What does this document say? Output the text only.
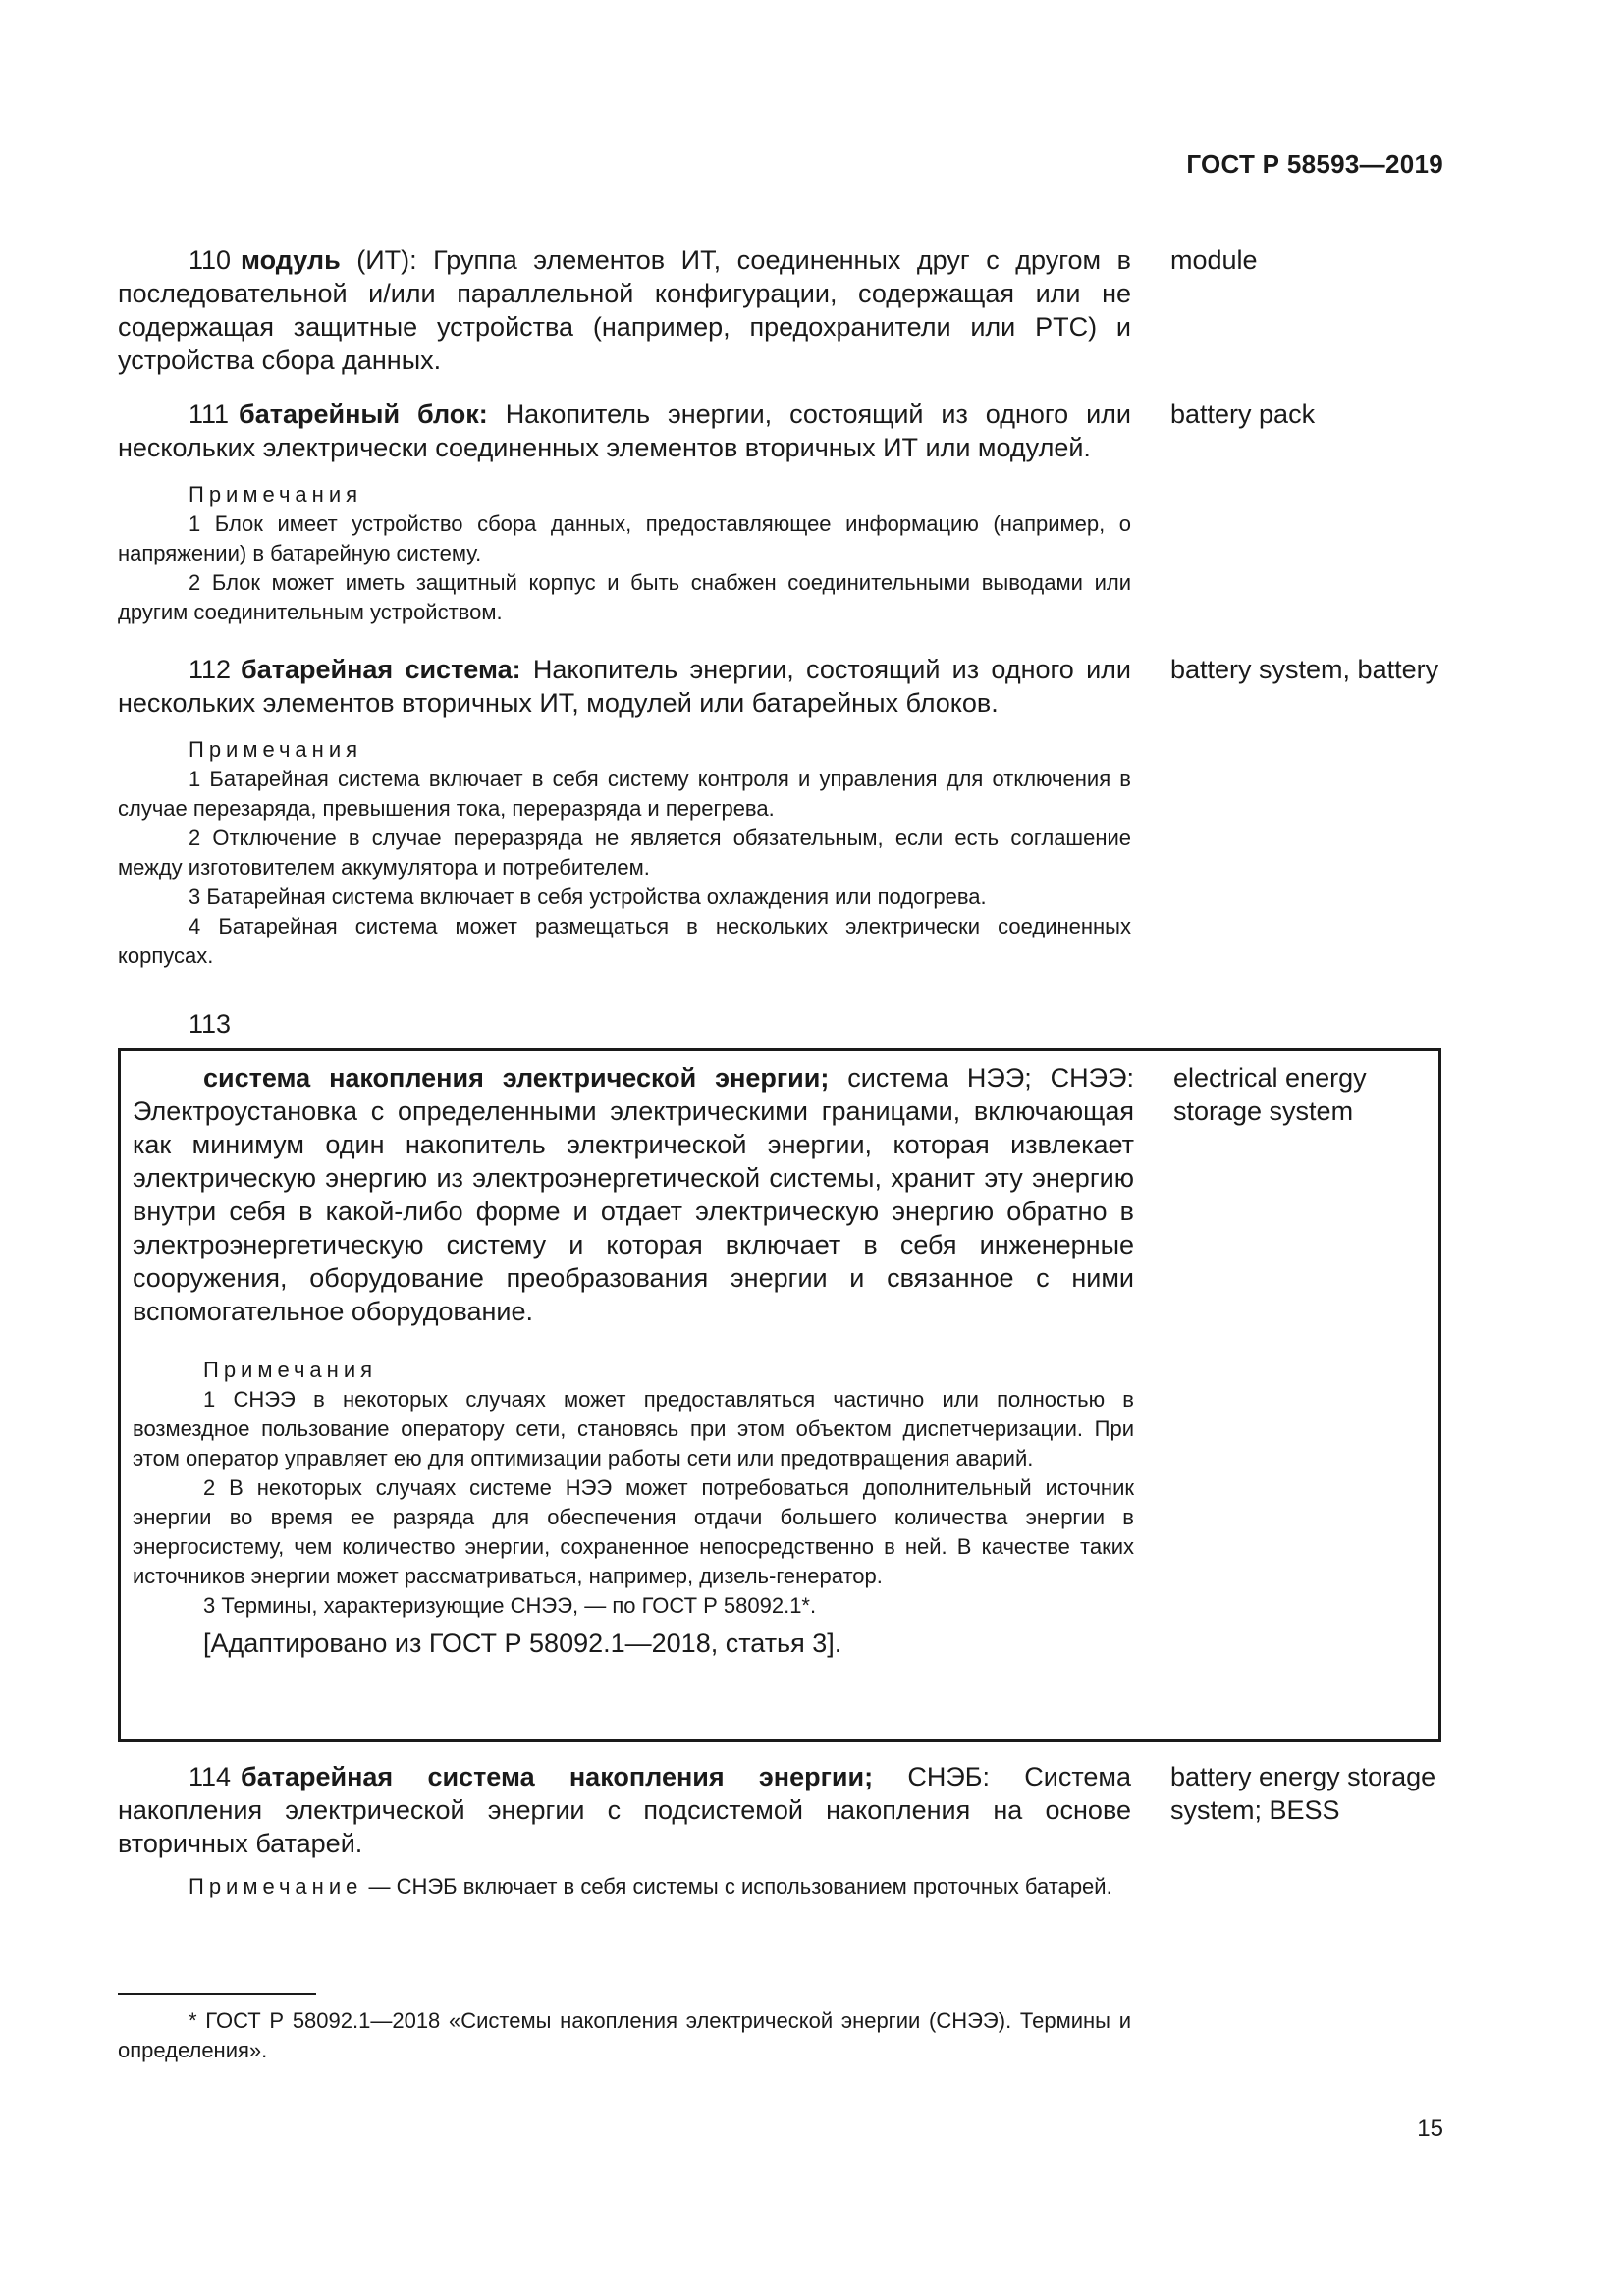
ГОСТ Р 58593—2019
110 модуль (ИТ): Группа элементов ИТ, соединенных друг с другом в последовательной и/или параллельной конфигурации, содержащая или не содержащая защитные устройства (например, предохранители или PTC) и устройства сбора данных.
module
111 батарейный блок: Накопитель энергии, состоящий из одного или нескольких электрически соединенных элементов вторичных ИТ или модулей.
battery pack

Примечания

1 Блок имеет устройство сбора данных, предоставляющее информацию (например, о напряжении) в батарейную систему.

2 Блок может иметь защитный корпус и быть снабжен соединительными выводами или другим соединительным устройством.

112 батарейная система: Накопитель энергии, состоящий из одного или нескольких элементов вторичных ИТ, модулей или батарейных блоков.
battery system, battery

Примечания

1 Батарейная система включает в себя систему контроля и управления для отключения в случае перезаряда, превышения тока, переразряда и перегрева.

2 Отключение в случае переразряда не является обязательным, если есть соглашение между изготовителем аккумулятора и потребителем.

3 Батарейная система включает в себя устройства охлаждения или подогрева.

4 Батарейная система может размещаться в нескольких электрически соединенных корпусах.

113
система накопления электрической энергии; система НЭЭ; СНЭЭ: Электроустановка с определенными электрическими границами, включающая как минимум один накопитель электрической энергии, которая извлекает электрическую энергию из электроэнергетической системы, хранит эту энергию внутри себя в какой-либо форме и отдает электрическую энергию обратно в электроэнергетическую систему и которая включает в себя инженерные сооружения, оборудование преобразования энергии и связанное с ними вспомогательное оборудование.
electrical energy storage system

Примечания

1 СНЭЭ в некоторых случаях может предоставляться частично или полностью в возмездное пользование оператору сети, становясь при этом объектом диспетчеризации. При этом оператор управляет ею для оптимизации работы сети или предотвращения аварий.

2 В некоторых случаях системе НЭЭ может потребоваться дополнительный источник энергии во время ее разряда для обеспечения отдачи большего количества энергии в энергосистему, чем количество энергии, сохраненное непосредственно в ней. В качестве таких источников энергии может рассматриваться, например, дизель-генератор.

3 Термины, характеризующие СНЭЭ, — по ГОСТ Р 58092.1*.

[Адаптировано из ГОСТ Р 58092.1—2018, статья 3].

114 батарейная система накопления энергии; СНЭБ: Система накопления электрической энергии с подсистемой накопления на основе вторичных батарей.
battery energy storage system; BESS

Примечание — СНЭБ включает в себя системы с использованием проточных батарей.

* ГОСТ Р 58092.1—2018 «Системы накопления электрической энергии (СНЭЭ). Термины и определения».
15
